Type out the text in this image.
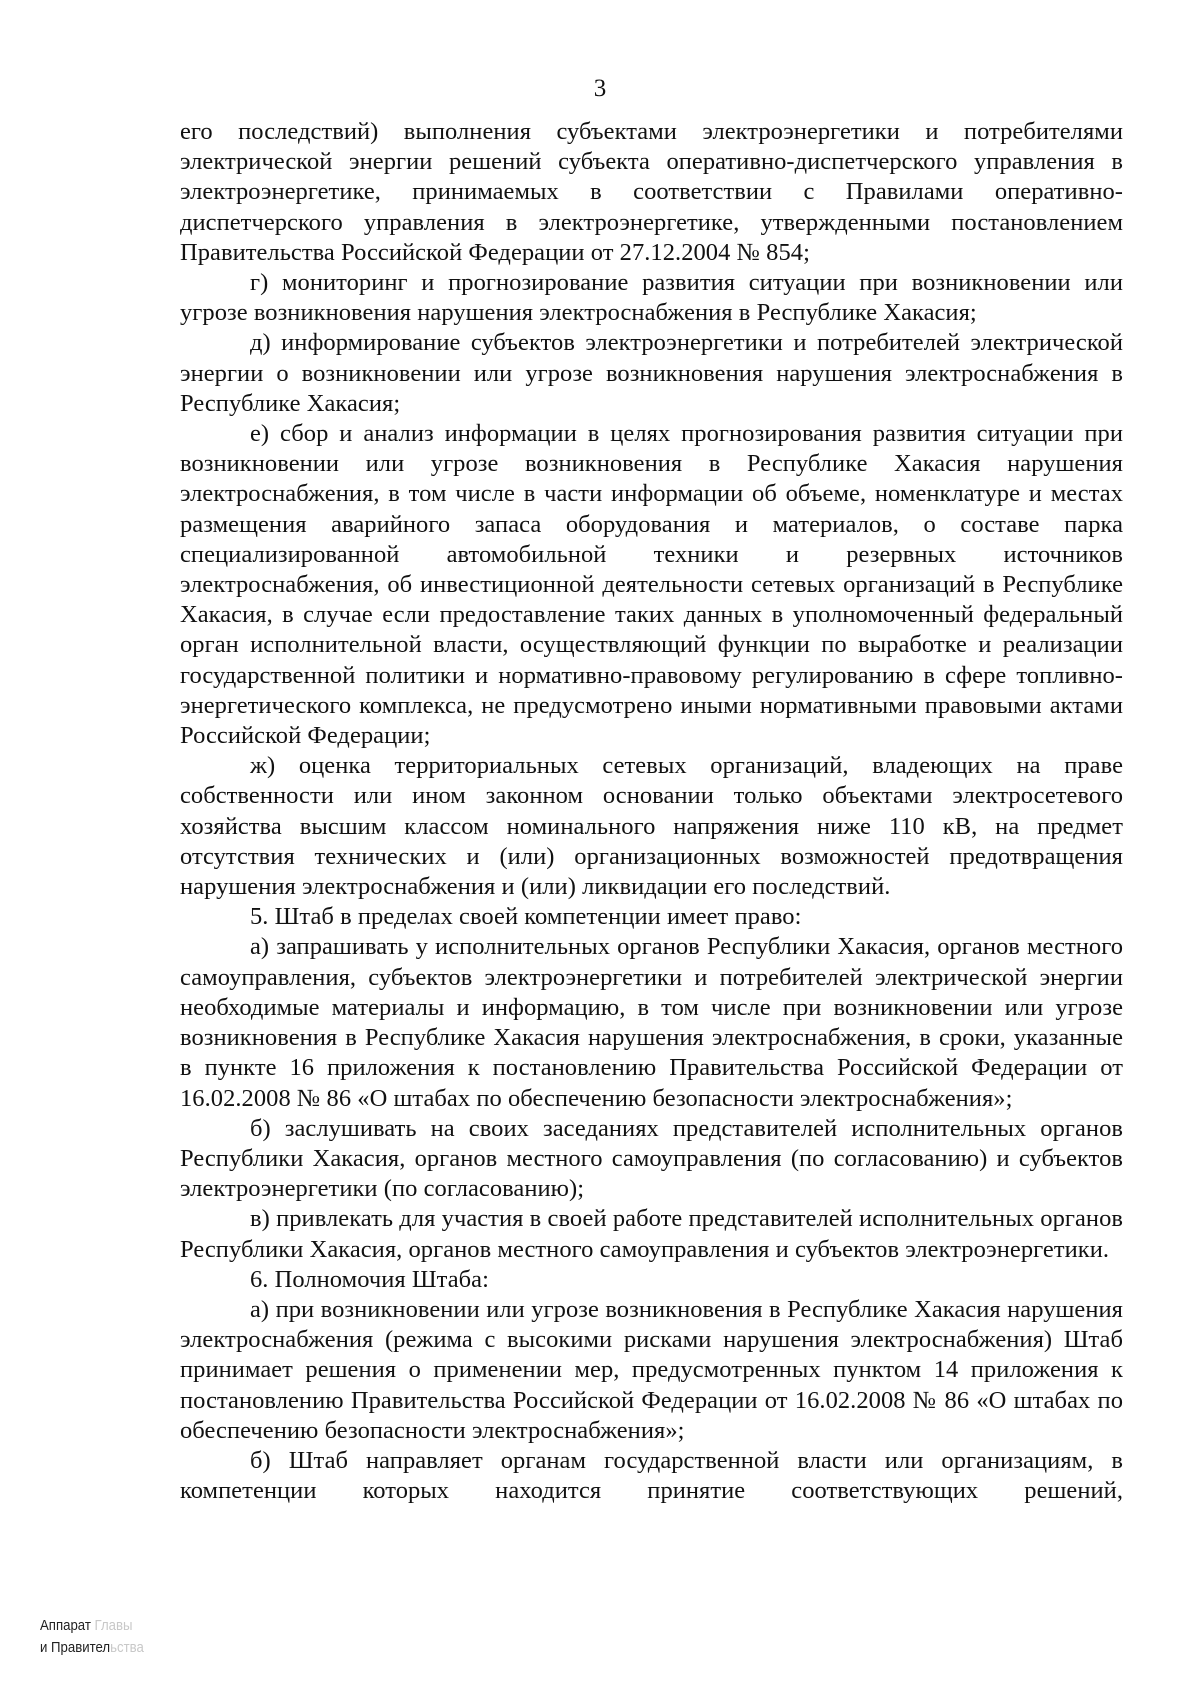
3

его последствий) выполнения субъектами электроэнергетики и потребителями электрической энергии решений субъекта оперативно-диспетчерского управления в электроэнергетике, принимаемых в соответствии с Правилами оперативно-диспетчерского управления в электроэнергетике, утвержденными постановлением Правительства Российской Федерации от 27.12.2004 № 854;

г) мониторинг и прогнозирование развития ситуации при возникновении или угрозе возникновения нарушения электроснабжения в Республике Хакасия;

д) информирование субъектов электроэнергетики и потребителей электрической энергии о возникновении или угрозе возникновения нарушения электроснабжения в Республике Хакасия;

е) сбор и анализ информации в целях прогнозирования развития ситуации при возникновении или угрозе возникновения в Республике Хакасия нарушения электроснабжения, в том числе в части информации об объеме, номенклатуре и местах размещения аварийного запаса оборудования и материалов, о составе парка специализированной автомобильной техники и резервных источников электроснабжения, об инвестиционной деятельности сетевых организаций в Республике Хакасия, в случае если предоставление таких данных в уполномоченный федеральный орган исполнительной власти, осуществляющий функции по выработке и реализации государственной политики и нормативно-правовому регулированию в сфере топливно-энергетического комплекса, не предусмотрено иными нормативными правовыми актами Российской Федерации;

ж) оценка территориальных сетевых организаций, владеющих на праве собственности или ином законном основании только объектами электросетевого хозяйства высшим классом номинального напряжения ниже 110 кВ, на предмет отсутствия технических и (или) организационных возможностей предотвращения нарушения электроснабжения и (или) ликвидации его последствий.

5. Штаб в пределах своей компетенции имеет право:

а) запрашивать у исполнительных органов Республики Хакасия, органов местного самоуправления, субъектов электроэнергетики и потребителей электрической энергии необходимые материалы и информацию, в том числе при возникновении или угрозе возникновения в Республике Хакасия нарушения электроснабжения, в сроки, указанные в пункте 16 приложения к постановлению Правительства Российской Федерации от 16.02.2008 № 86 «О штабах по обеспечению безопасности электроснабжения»;

б) заслушивать на своих заседаниях представителей исполнительных органов Республики Хакасия, органов местного самоуправления (по согласованию) и субъектов электроэнергетики (по согласованию);

в) привлекать для участия в своей работе представителей исполнительных органов Республики Хакасия, органов местного самоуправления и субъектов электроэнергетики.

6. Полномочия Штаба:

а) при возникновении или угрозе возникновения в Республике Хакасия нарушения электроснабжения (режима с высокими рисками нарушения электроснабжения) Штаб принимает решения о применении мер, предусмотренных пунктом 14 приложения к постановлению Правительства Российской Федерации от 16.02.2008 № 86 «О штабах по обеспечению безопасности электроснабжения»;

б) Штаб направляет органам государственной власти или организациям, в компетенции которых находится принятие соответствующих решений,

Аппарат Главы
и Правительства
